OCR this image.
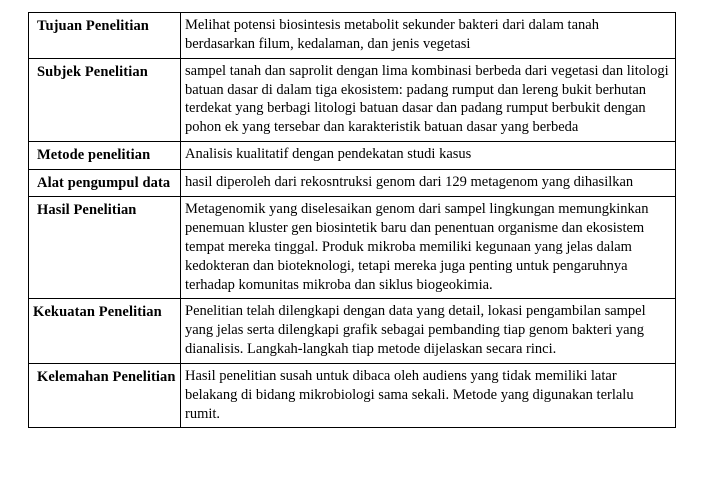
Tujuan Penelitian	Melihat potensi biosintesis metabolit sekunder bakteri dari dalam tanah berdasarkan filum, kedalaman, dan jenis vegetasi

Subjek Penelitian	sampel tanah dan saprolit dengan lima kombinasi berbeda dari vegetasi dan litologi batuan dasar di dalam tiga ekosistem: padang rumput dan lereng bukit berhutan terdekat yang berbagi litologi batuan dasar dan padang rumput berbukit dengan pohon ek yang tersebar dan karakteristik batuan dasar yang berbeda

Metode penelitian	Analisis kualitatif dengan pendekatan studi kasus

Alat pengumpul data	hasil diperoleh dari rekosntruksi genom dari 129 metagenom yang dihasilkan

Hasil Penelitian	Metagenomik yang diselesaikan genom dari sampel lingkungan memungkinkan penemuan kluster gen biosintetik baru dan penentuan organisme dan ekosistem tempat mereka tinggal. Produk mikroba memiliki kegunaan yang jelas dalam kedokteran dan bioteknologi, tetapi mereka juga penting untuk pengaruhnya terhadap komunitas mikroba dan siklus biogeokimia.

Kekuatan Penelitian	Penelitian telah dilengkapi dengan data yang detail, lokasi pengambilan sampel yang jelas serta dilengkapi grafik sebagai pembanding tiap genom bakteri yang dianalisis. Langkah-langkah tiap metode dijelaskan secara rinci.

Kelemahan Penelitian	Hasil penelitian susah untuk dibaca oleh audiens yang tidak memiliki latar belakang di bidang mikrobiologi sama sekali. Metode yang digunakan terlalu rumit.
